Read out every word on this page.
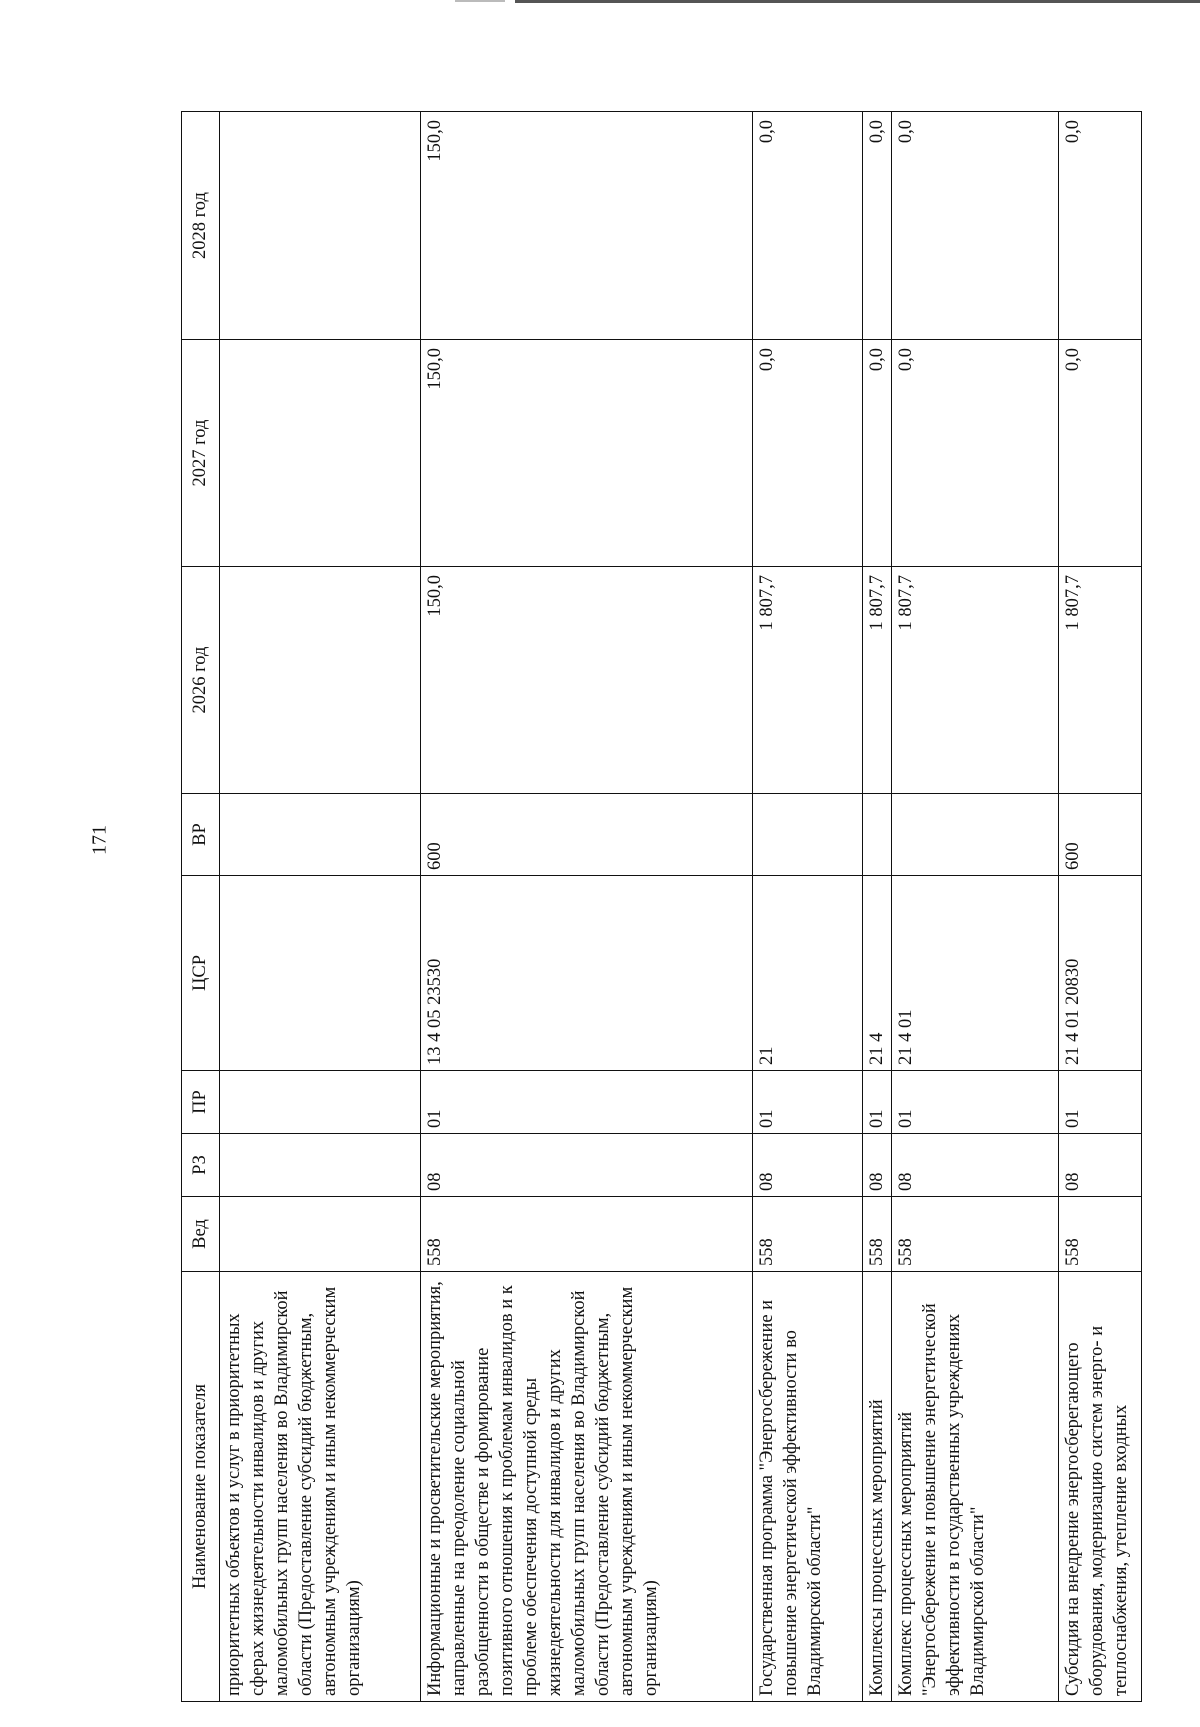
171
Наименование показателя	Вед	РЗ	ПР	ЦСР	ВР	2026 год	2027 год	2028 год
приоритетных объектов и услуг в приоритетных сферах жизнедеятельности инвалидов и других маломобильных групп населения во Владимирской области (Предоставление субсидий бюджетным, автономным учреждениям и иным некоммерческим организациям)								
Информационные и просветительские мероприятия, направленные на преодоление социальной разобщенности в обществе и формирование позитивного отношения к проблемам инвалидов и к проблеме обеспечения доступной среды жизнедеятельности для инвалидов и других маломобильных групп населения во Владимирской области (Предоставление субсидий бюджетным, автономным учреждениям и иным некоммерческим организациям)	558	08	01	13 4 05 23530	600	150,0	150,0	150,0
Государственная программа "Энергосбережение и повышение энергетической эффективности во Владимирской области"	558	08	01	21		1 807,7	0,0	0,0
Комплексы процессных мероприятий	558	08	01	21 4		1 807,7	0,0	0,0
Комплекс процессных мероприятий "Энергосбережение и повышение энергетической эффективности в государственных учреждениях Владимирской области"	558	08	01	21 4 01		1 807,7	0,0	0,0
Субсидия на внедрение энергосберегающего оборудования, модернизацию систем энерго- и теплоснабжения, утепление входных	558	08	01	21 4 01 20830	600	1 807,7	0,0	0,0
